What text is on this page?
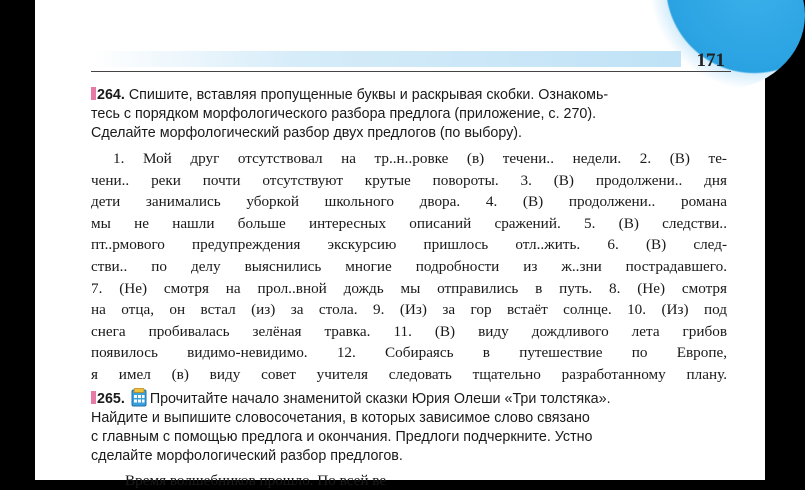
171
264. Спишите, вставляя пропущенные буквы и раскрывая скобки. Ознакомь-
тесь с порядком морфологического разбора предлога (приложение, с. 270).
Сделайте морфологический разбор двух предлогов (по выбору).
1. Мой друг отсутствовал на тр..н..ровке (в) течени.. недели. 2. (В) те-
чени.. реки почти отсутствуют крутые повороты. 3. (В) продолжени.. дня
дети занимались уборкой школьного двора. 4. (В) продолжени.. романа
мы не нашли больше интересных описаний сражений. 5. (В) следстви..
пт..рмового предупреждения экскурсию пришлось отл..жить. 6. (В) след-
стви.. по делу выяснились многие подробности из ж..зни пострадавшего.
7. (Не) смотря на прол..вной дождь мы отправились в путь. 8. (Не) смотря
на отца, он встал (из) за стола. 9. (Из) за гор встаёт солнце. 10. (Из) под
снега пробивалась зелёная травка. 11. (В) виду дождливого лета грибов
появилось видимо-невидимо. 12. Собираясь в путешествие по Европе,
я имел (в) виду совет учителя следовать тщательно разработанному плану.
265. Прочитайте начало знаменитой сказки Юрия Олеши «Три толстяка».
Найдите и выпишите словосочетания, в которых зависимое слово связано
с главным с помощью предлога и окончания. Предлоги подчеркните. Устно
сделайте морфологический разбор предлогов.
Время волшебников прошло. По всей ве
